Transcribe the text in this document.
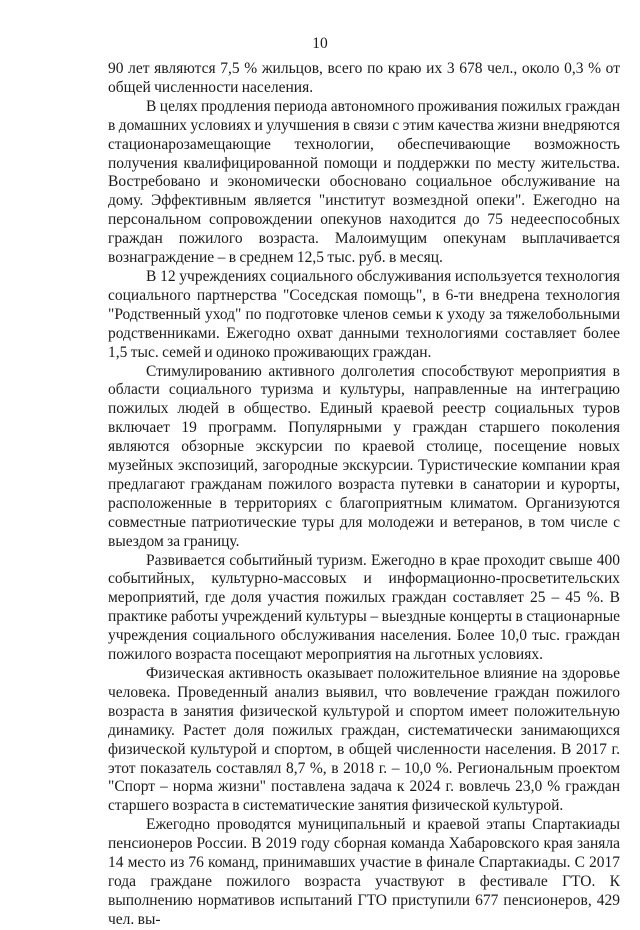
10

90 лет являются 7,5 % жильцов, всего по краю их 3 678 чел., около 0,3 % от общей численности населения.

В целях продления периода автономного проживания пожилых граждан в домашних условиях и улучшения в связи с этим качества жизни внедряются стационарозамещающие технологии, обеспечивающие возможность получения квалифицированной помощи и поддержки по месту жительства. Востребовано и экономически обосновано социальное обслуживание на дому. Эффективным является "институт возмездной опеки". Ежегодно на персональном сопровождении опекунов находится до 75 недееспособных граждан пожилого возраста. Малоимущим опекунам выплачивается вознаграждение – в среднем 12,5 тыс. руб. в месяц.

В 12 учреждениях социального обслуживания используется технология социального партнерства "Соседская помощь", в 6-ти внедрена технология "Родственный уход" по подготовке членов семьи к уходу за тяжелобольными родственниками. Ежегодно охват данными технологиями составляет более 1,5 тыс. семей и одиноко проживающих граждан.

Стимулированию активного долголетия способствуют мероприятия в области социального туризма и культуры, направленные на интеграцию пожилых людей в общество. Единый краевой реестр социальных туров включает 19 программ. Популярными у граждан старшего поколения являются обзорные экскурсии по краевой столице, посещение новых музейных экспозиций, загородные экскурсии. Туристические компании края предлагают гражданам пожилого возраста путевки в санатории и курорты, расположенные в территориях с благоприятным климатом. Организуются совместные патриотические туры для молодежи и ветеранов, в том числе с выездом за границу.

Развивается событийный туризм. Ежегодно в крае проходит свыше 400 событийных, культурно-массовых и информационно-просветительских мероприятий, где доля участия пожилых граждан составляет 25 – 45 %. В практике работы учреждений культуры – выездные концерты в стационарные учреждения социального обслуживания населения. Более 10,0 тыс. граждан пожилого возраста посещают мероприятия на льготных условиях.

Физическая активность оказывает положительное влияние на здоровье человека. Проведенный анализ выявил, что вовлечение граждан пожилого возраста в занятия физической культурой и спортом имеет положительную динамику. Растет доля пожилых граждан, систематически занимающихся физической культурой и спортом, в общей численности населения. В 2017 г. этот показатель составлял 8,7 %, в 2018 г. – 10,0 %. Региональным проектом "Спорт – норма жизни" поставлена задача к 2024 г. вовлечь 23,0 % граждан старшего возраста в систематические занятия физической культурой.

Ежегодно проводятся муниципальный и краевой этапы Спартакиады пенсионеров России. В 2019 году сборная команда Хабаровского края заняла 14 место из 76 команд, принимавших участие в финале Спартакиады. С 2017 года граждане пожилого возраста участвуют в фестивале ГТО. К выполнению нормативов испытаний ГТО приступили 677 пенсионеров, 429 чел. вы-
